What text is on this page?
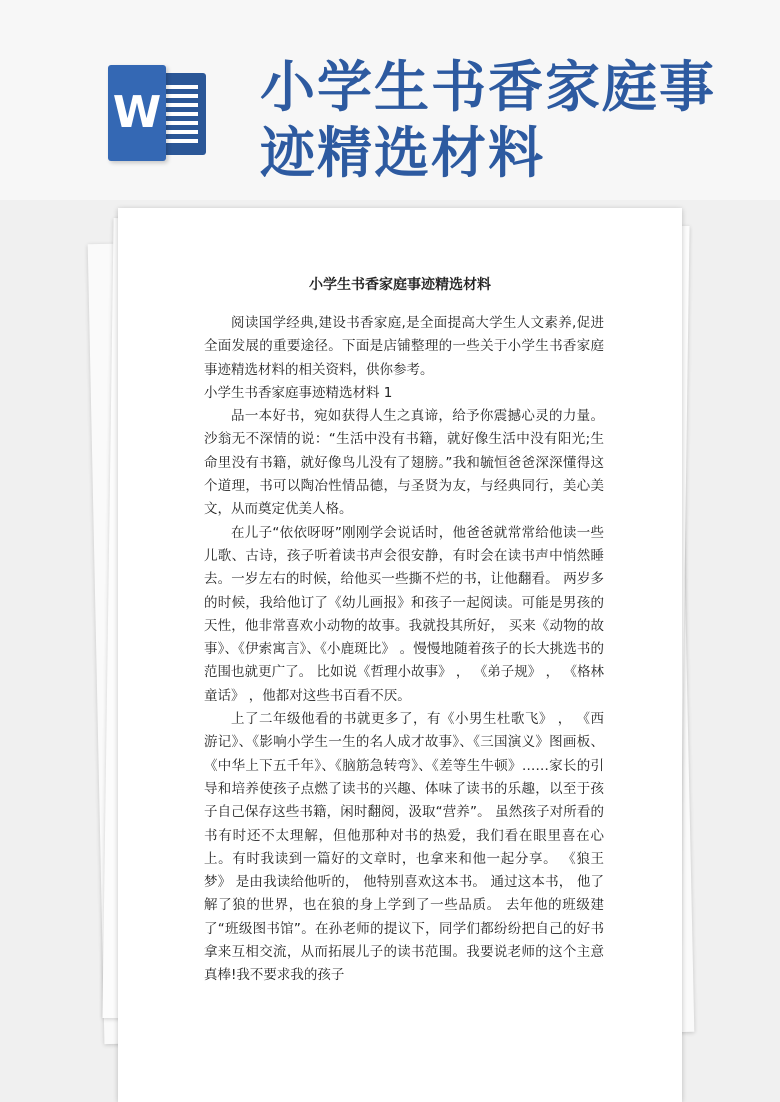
W 小学生书香家庭事迹精选材料
小学生书香家庭事迹精选材料

阅读国学经典,建设书香家庭,是全面提高大学生人文素养,促进全面发展的重要途径。下面是店铺整理的一些关于小学生书香家庭事迹精选材料的相关资料，供你参考。

小学生书香家庭事迹精选材料 1

品一本好书，宛如获得人生之真谛，给予你震撼心灵的力量。沙翁无不深情的说：“生活中没有书籍，就好像生活中没有阳光;生命里没有书籍，就好像鸟儿没有了翅膀。”我和毓恒爸爸深深懂得这个道理，书可以陶冶性情品德，与圣贤为友，与经典同行，美心美文，从而奠定优美人格。

在儿子“依依呀呀”刚刚学会说话时，他爸爸就常常给他读一些儿歌、古诗，孩子听着读书声会很安静，有时会在读书声中悄然睡去。一岁左右的时候，给他买一些撕不烂的书，让他翻看。 两岁多的时候，我给他订了《幼儿画报》和孩子一起阅读。可能是男孩的天性，他非常喜欢小动物的故事。我就投其所好， 买来《动物的故事》、《伊索寓言》、《小鹿斑比》 。慢慢地随着孩子的长大挑选书的范围也就更广了。 比如说《哲理小故事》 ， 《弟子规》 ， 《格林童话》 ，他都对这些书百看不厌。

上了二年级他看的书就更多了，有《小男生杜歌飞》 ， 《西游记》、《影响小学生一生的名人成才故事》、《三国演义》图画板、《中华上下五千年》、《脑筋急转弯》、《差等生牛顿》……家长的引导和培养使孩子点燃了读书的兴趣、体味了读书的乐趣，以至于孩子自己保存这些书籍，闲时翻阅，汲取“营养”。 虽然孩子对所看的书有时还不太理解，但他那种对书的热爱，我们看在眼里喜在心上。有时我读到一篇好的文章时，也拿来和他一起分享。 《狼王梦》 是由我读给他听的， 他特别喜欢这本书。 通过这本书， 他了解了狼的世界，也在狼的身上学到了一些品质。 去年他的班级建了“班级图书馆”。在孙老师的提议下，同学们都纷纷把自己的好书拿来互相交流，从而拓展儿子的读书范围。我要说老师的这个主意真棒!我不要求我的孩子
